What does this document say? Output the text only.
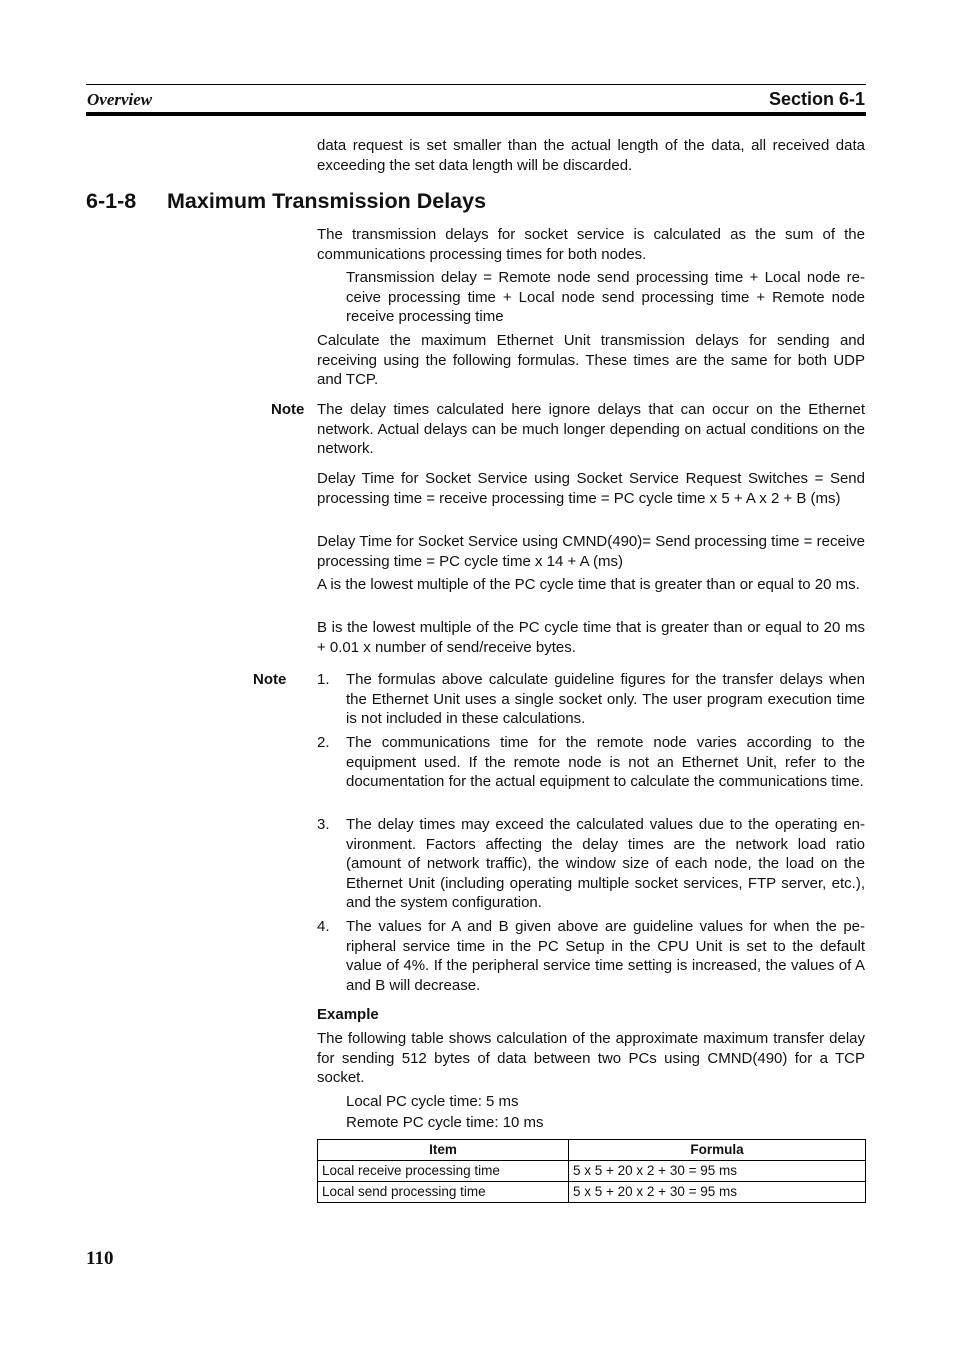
Overview	Section 6-1
data request is set smaller than the actual length of the data, all received data exceeding the set data length will be discarded.
6-1-8 Maximum Transmission Delays
The transmission delays for socket service is calculated as the sum of the communications processing times for both nodes.
Transmission delay = Remote node send processing time + Local node re-ceive processing time + Local node send processing time + Remote node receive processing time
Calculate the maximum Ethernet Unit transmission delays for sending and receiving using the following formulas. These times are the same for both UDP and TCP.
Note The delay times calculated here ignore delays that can occur on the Ethernet network. Actual delays can be much longer depending on actual conditions on the network.
Delay Time for Socket Service using Socket Service Request Switches = Send processing time = receive processing time = PC cycle time x 5 + A x 2 + B (ms)
Delay Time for Socket Service using CMND(490)= Send processing time = receive processing time = PC cycle time x 14 + A (ms)
A is the lowest multiple of the PC cycle time that is greater than or equal to 20 ms.
B is the lowest multiple of the PC cycle time that is greater than or equal to 20 ms + 0.01 x number of send/receive bytes.
Note 1. The formulas above calculate guideline figures for the transfer delays when the Ethernet Unit uses a single socket only. The user program execution time is not included in these calculations.
2. The communications time for the remote node varies according to the equipment used. If the remote node is not an Ethernet Unit, refer to the documentation for the actual equipment to calculate the communications time.
3. The delay times may exceed the calculated values due to the operating en-vironment. Factors affecting the delay times are the network load ratio (amount of network traffic), the window size of each node, the load on the Ethernet Unit (including operating multiple socket services, FTP server, etc.), and the system configuration.
4. The values for A and B given above are guideline values for when the pe-ripheral service time in the PC Setup in the CPU Unit is set to the default value of 4%. If the peripheral service time setting is increased, the values of A and B will decrease.
Example
The following table shows calculation of the approximate maximum transfer delay for sending 512 bytes of data between two PCs using CMND(490) for a TCP socket.
Local PC cycle time: 5 ms
Remote PC cycle time: 10 ms
Item	Formula
Local receive processing time	5 x 5 + 20 x 2 + 30 = 95 ms
Local send processing time	5 x 5 + 20 x 2 + 30 = 95 ms
110
